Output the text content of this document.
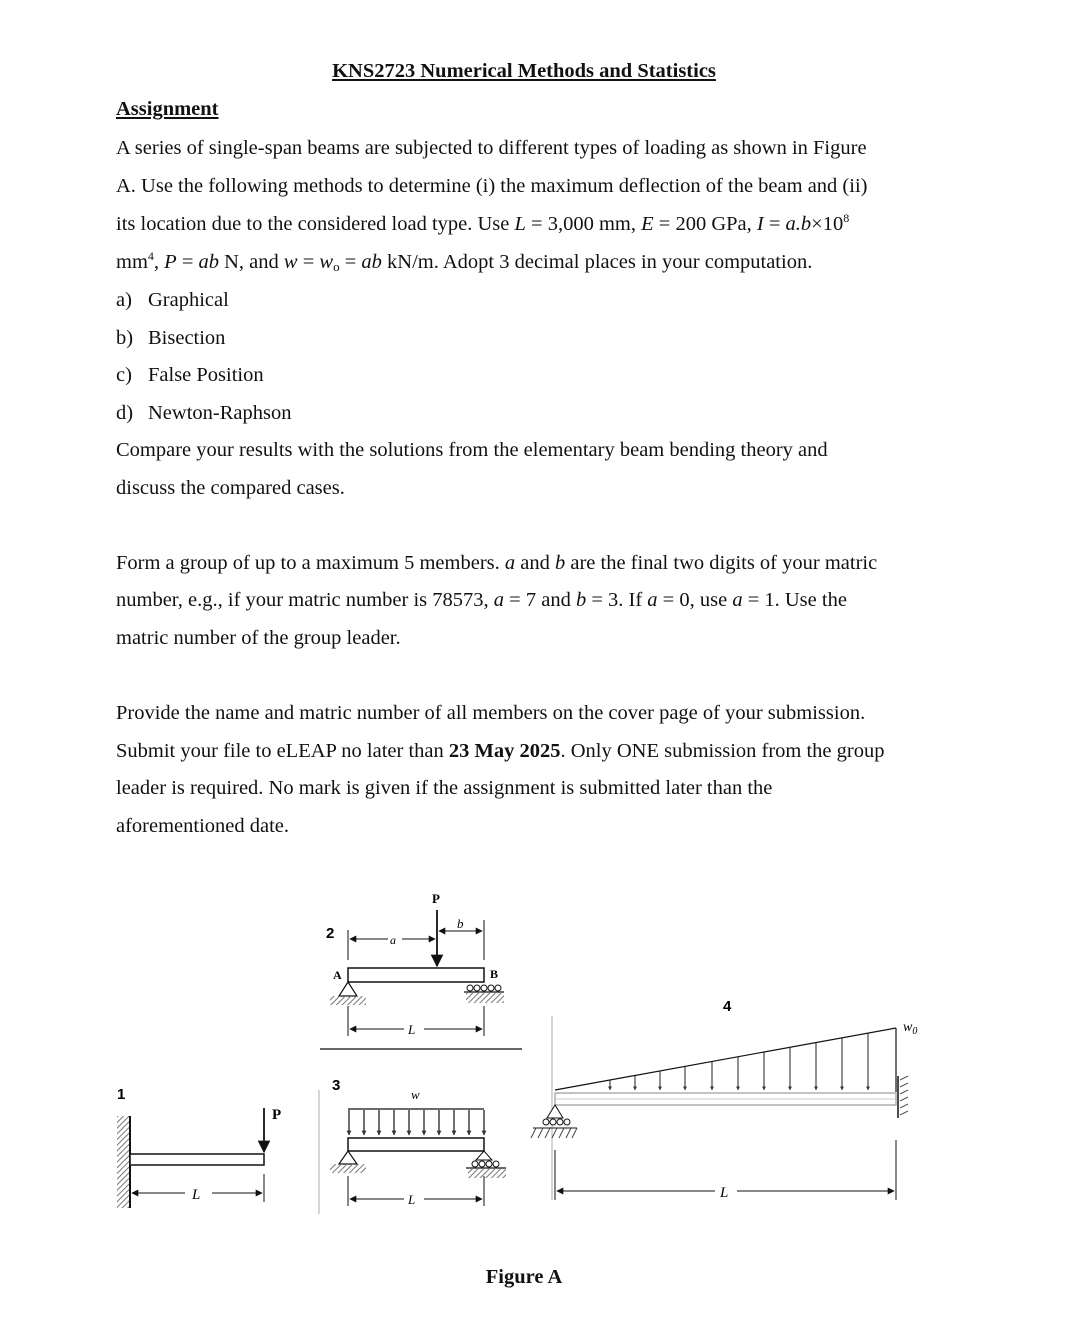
KNS2723 Numerical Methods and Statistics
Assignment
A series of single-span beams are subjected to different types of loading as shown in Figure
A. Use the following methods to determine (i) the maximum deflection of the beam and (ii)
its location due to the considered load type. Use L = 3,000 mm, E = 200 GPa, $I = a.b\times 10^8$
$mm^4$, P = ab N, and $w = w_o$ = ab kN/m. Adopt 3 decimal places in your computation.
a) Graphical
b) Bisection
c) False Position
d) Newton-Raphson
Compare your results with the solutions from the elementary beam bending theory and
discuss the compared cases.
Form a group of up to a maximum 5 members. a and b are the final two digits of your matric
number, e.g., if your matric number is 78573, a = 7 and b = 3. If a = 0, use a = 1. Use the
matric number of the group leader.
Provide the name and matric number of all members on the cover page of your submission.
Submit your file to eLEAP no later than 23 May 2025. Only ONE submission from the group
leader is required. No mark is given if the assignment is submitted later than the
aforementioned date.
1
P
L
2
P
a
b
A	B
L
3
w
L
4
$w_0$
L
Figure A
